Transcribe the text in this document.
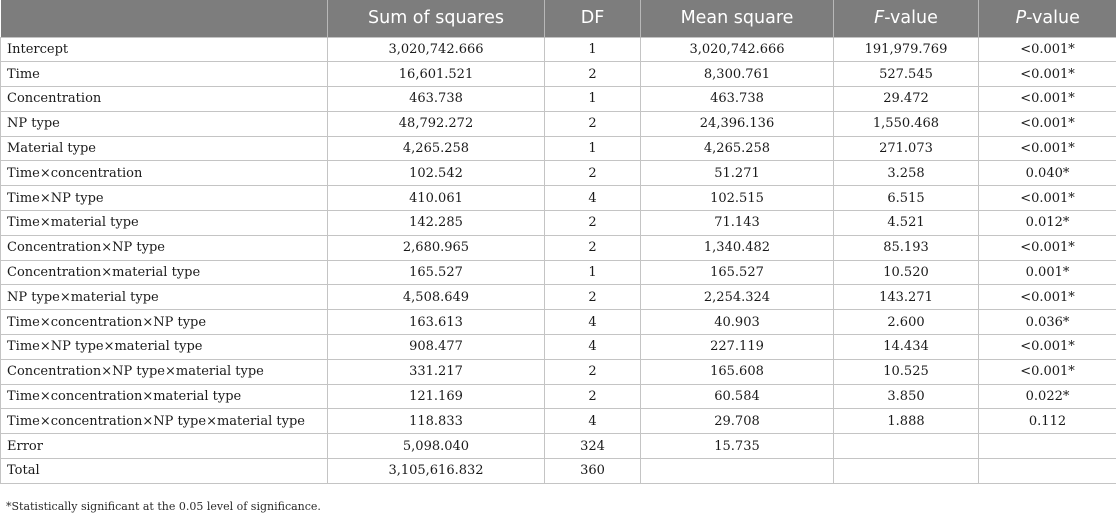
	Sum of squares	DF	Mean square	F-value	P-value
Intercept	3,020,742.666	1	3,020,742.666	191,979.769	<0.001*
Time	16,601.521	2	8,300.761	527.545	<0.001*
Concentration	463.738	1	463.738	29.472	<0.001*
NP type	48,792.272	2	24,396.136	1,550.468	<0.001*
Material type	4,265.258	1	4,265.258	271.073	<0.001*
Time×concentration	102.542	2	51.271	3.258	0.040*
Time×NP type	410.061	4	102.515	6.515	<0.001*
Time×material type	142.285	2	71.143	4.521	0.012*
Concentration×NP type	2,680.965	2	1,340.482	85.193	<0.001*
Concentration×material type	165.527	1	165.527	10.520	0.001*
NP type×material type	4,508.649	2	2,254.324	143.271	<0.001*
Time×concentration×NP type	163.613	4	40.903	2.600	0.036*
Time×NP type×material type	908.477	4	227.119	14.434	<0.001*
Concentration×NP type×material type	331.217	2	165.608	10.525	<0.001*
Time×concentration×material type	121.169	2	60.584	3.850	0.022*
Time×concentration×NP type×material type	118.833	4	29.708	1.888	0.112
Error	5,098.040	324	15.735		
Total	3,105,616.832	360			
*Statistically significant at the 0.05 level of significance.
